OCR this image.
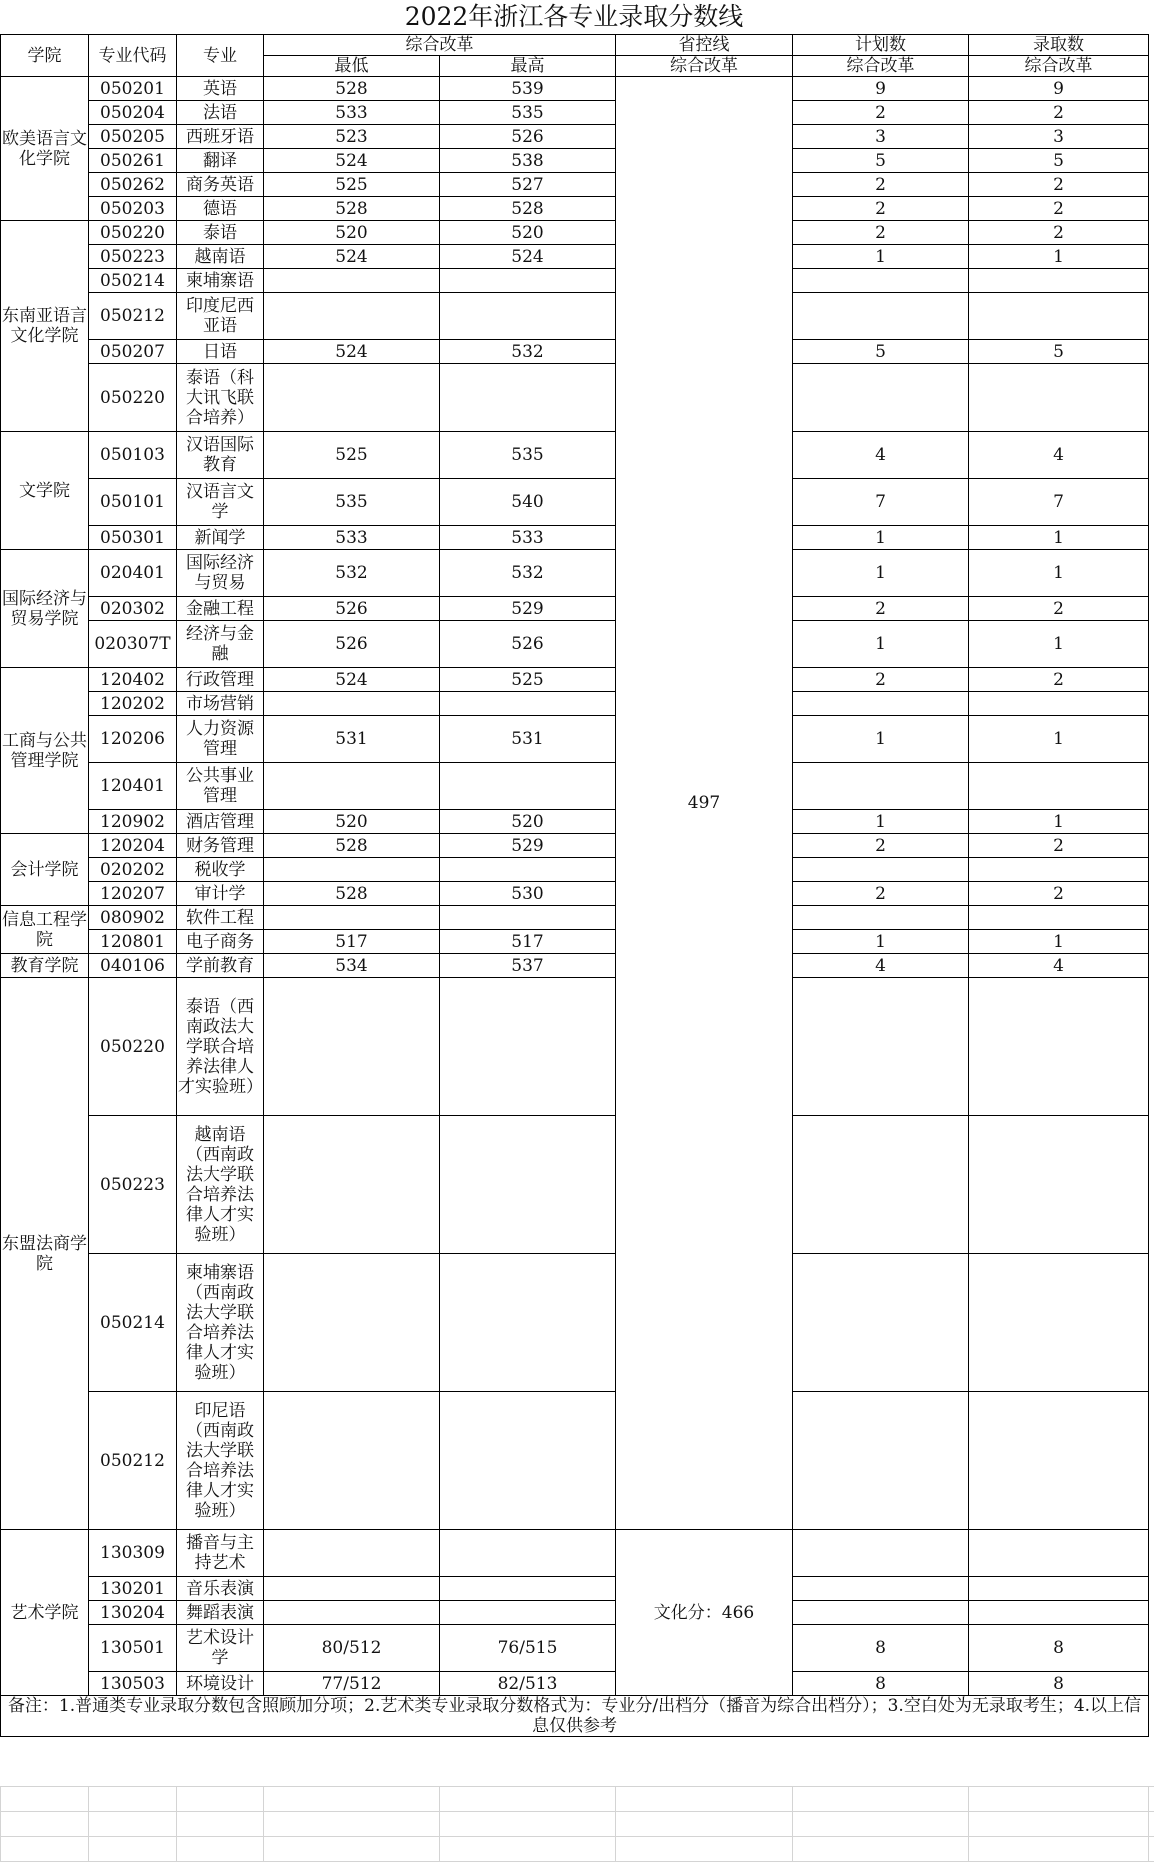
2022年浙江各专业录取分数线
学院	专业代码	专业	综合改革		省控线	计划数	录取数
			最低	最高	综合改革	综合改革	综合改革
欧美语言文化学院	050201	英语	528	539	497	9	9
	050204	法语	533	535		2	2
	050205	西班牙语	523	526		3	3
	050261	翻译	524	538		5	5
	050262	商务英语	525	527		2	2
	050203	德语	528	528		2	2
东南亚语言文化学院	050220	泰语	520	520		2	2
	050223	越南语	524	524		1	1
	050214	柬埔寨语					
	050212	印度尼西亚语					
	050207	日语	524	532		5	5
	050220	泰语（科大讯飞联合培养）					
文学院	050103	汉语国际教育	525	535		4	4
	050101	汉语言文学	535	540		7	7
	050301	新闻学	533	533		1	1
国际经济与贸易学院	020401	国际经济与贸易	532	532		1	1
	020302	金融工程	526	529		2	2
	020307T	经济与金融	526	526		1	1
工商与公共管理学院	120402	行政管理	524	525		2	2
	120202	市场营销					
	120206	人力资源管理	531	531		1	1
	120401	公共事业管理					
	120902	酒店管理	520	520		1	1
会计学院	120204	财务管理	528	529		2	2
	020202	税收学					
	120207	审计学	528	530		2	2
信息工程学院	080902	软件工程					
	120801	电子商务	517	517		1	1
教育学院	040106	学前教育	534	537		4	4
东盟法商学院	050220	泰语（西南政法大学联合培养法律人才实验班）					
	050223	越南语（西南政法大学联合培养法律人才实验班）					
	050214	柬埔寨语（西南政法大学联合培养法律人才实验班）					
	050212	印尼语（西南政法大学联合培养法律人才实验班）					
艺术学院	130309	播音与主持艺术			文化分：466		
	130201	音乐表演					
	130204	舞蹈表演					
	130501	艺术设计学	80/512	76/515		8	8
	130503	环境设计	77/512	82/513		8	8
备注：1.普通类专业录取分数包含照顾加分项；2.艺术类专业录取分数格式为：专业分/出档分（播音为综合出档分）；3.空白处为无录取考生；4.以上信息仅供参考							
